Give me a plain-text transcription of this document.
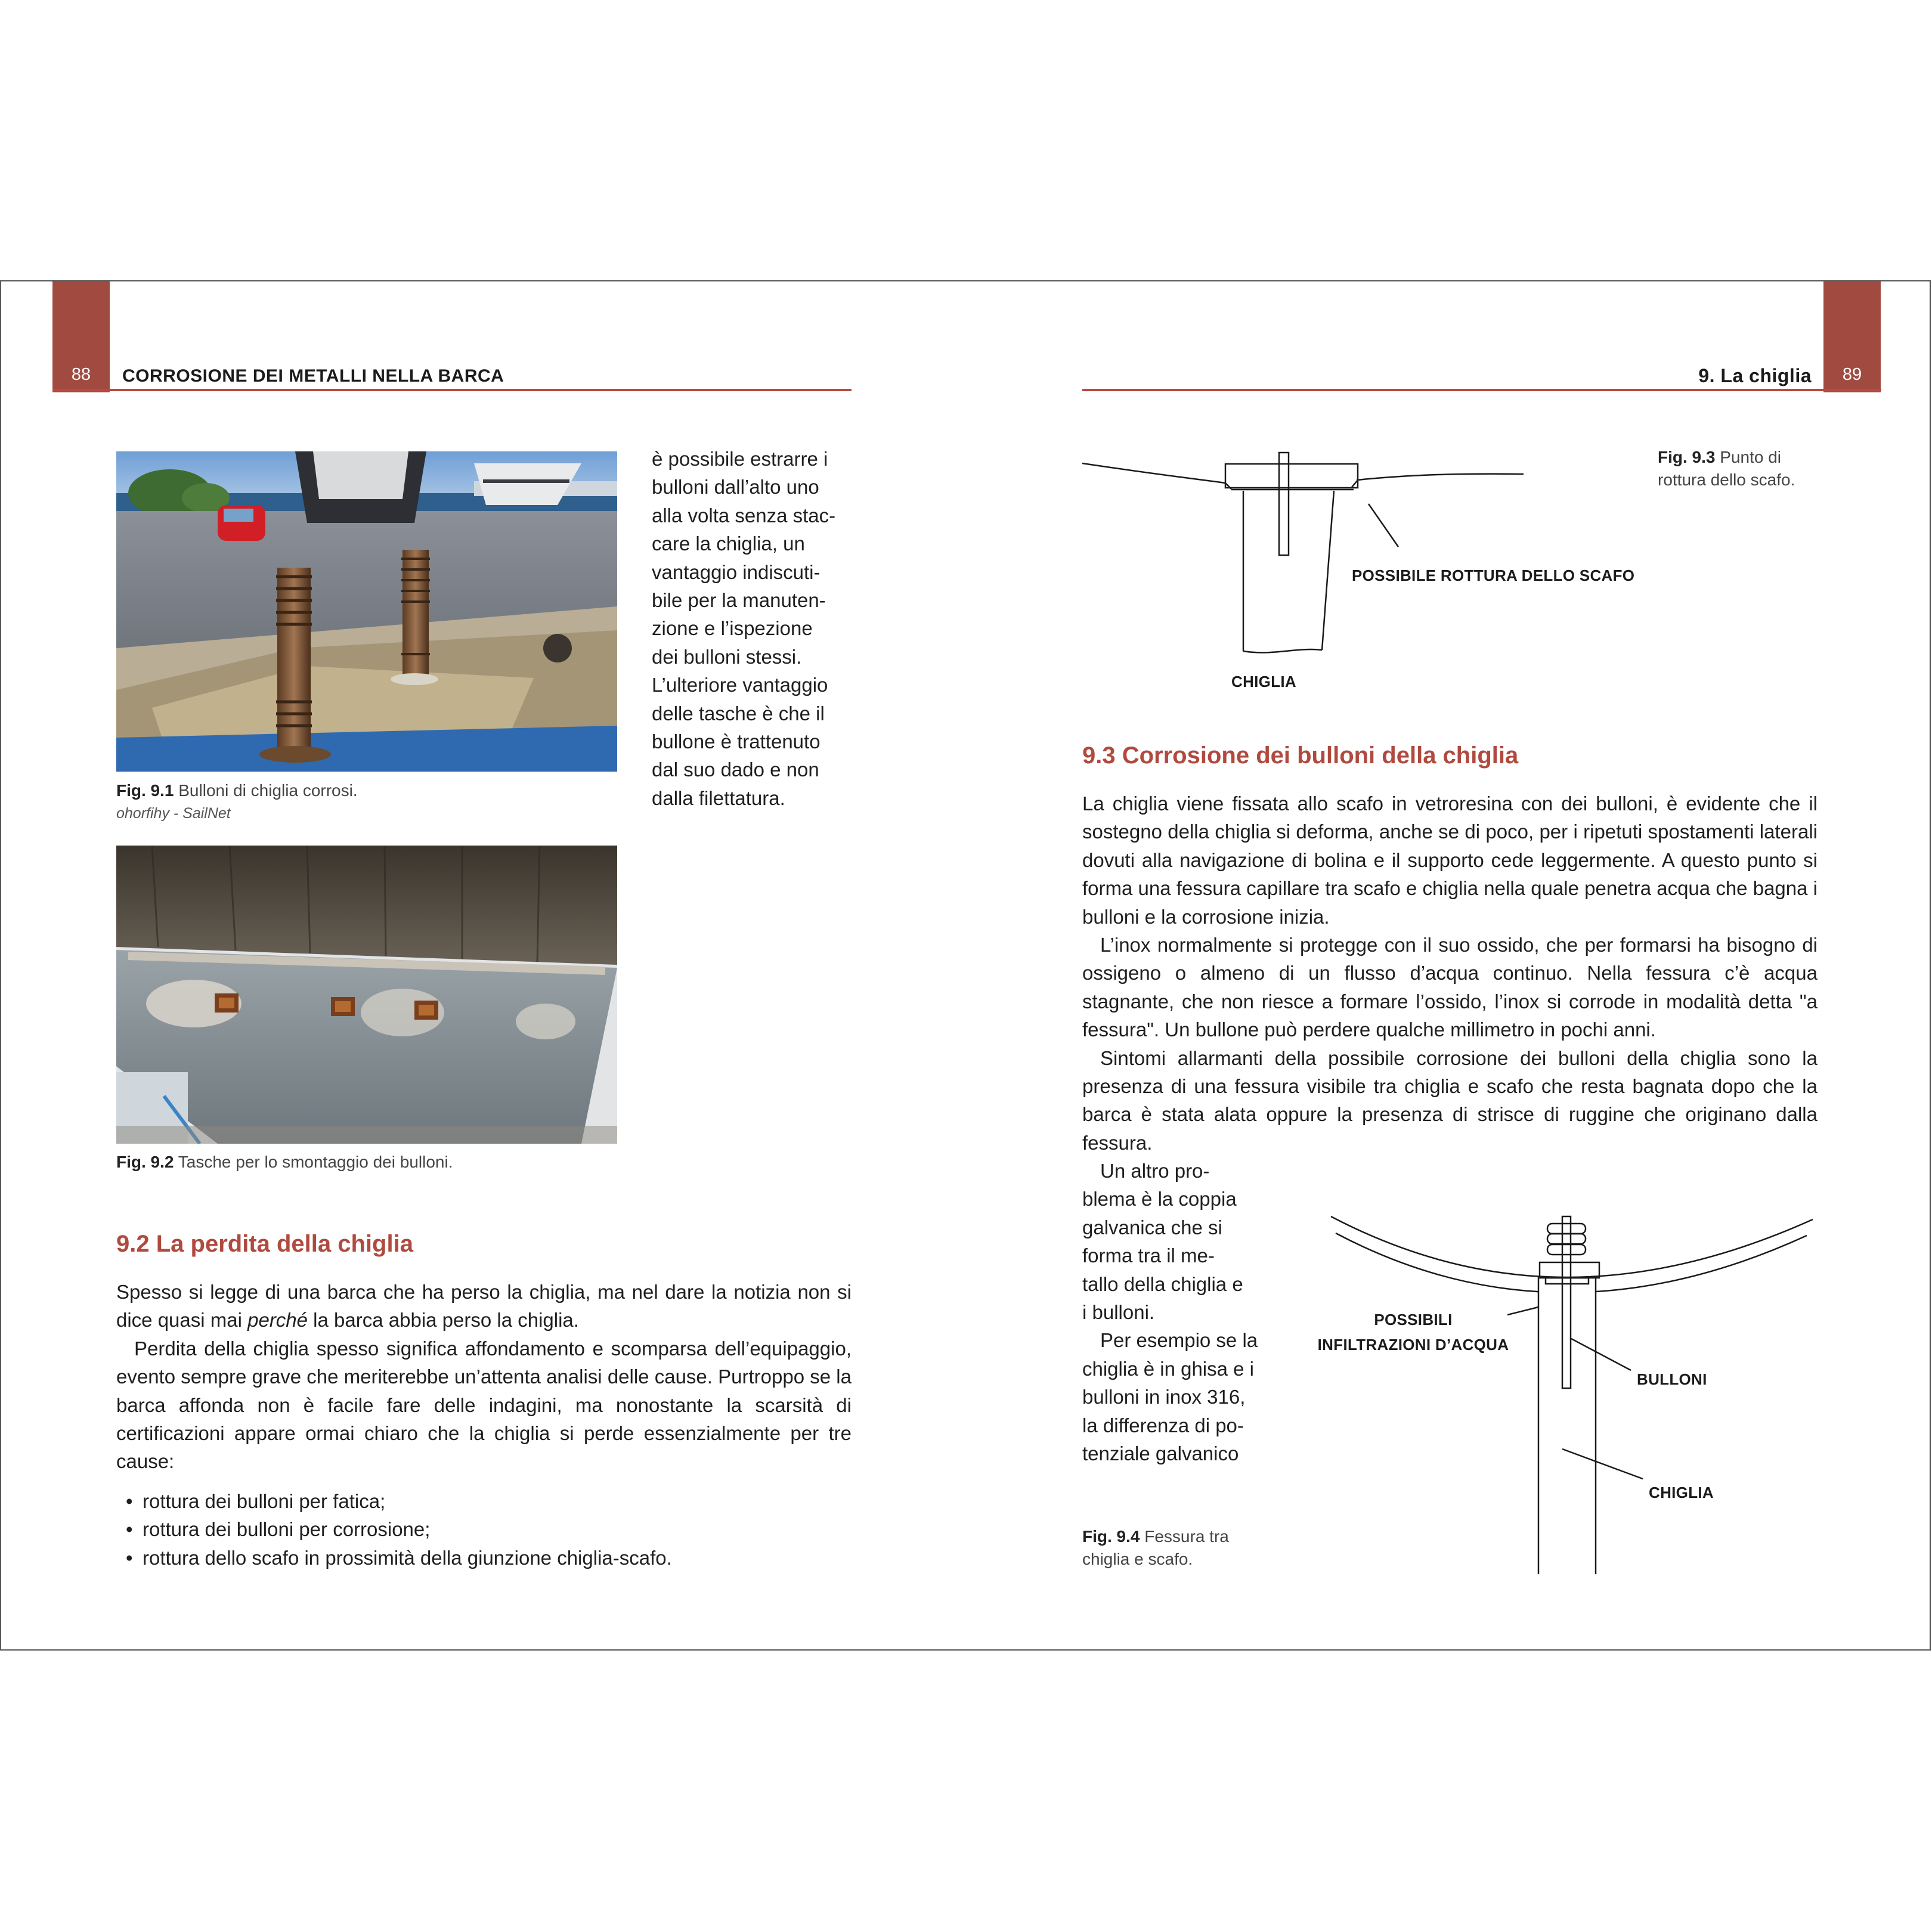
88	CORROSIONE DEI METALLI NELLA BARCA	89
9. La chiglia
Fig. 9.1 Bulloni di chiglia corrosi.
ohorfihy - SailNet
è possibile estrarre i
bulloni dall’alto uno
alla volta senza stac-
care la chiglia, un
vantaggio indiscuti-
bile per la manuten-
zione e l’ispezione
dei bulloni stessi.
L’ulteriore vantaggio
delle tasche è che il
bullone è trattenuto
dal suo dado e non
dalla filettatura.
Fig. 9.2 Tasche per lo smontaggio dei bulloni.
9.2 La perdita della chiglia

Spesso si legge di una barca che ha perso la chiglia, ma nel dare la notizia non si dice quasi mai perché la barca abbia perso la chiglia.

Perdita della chiglia spesso significa affondamento e scomparsa dell’equipaggio, evento sempre grave che meriterebbe un’attenta analisi delle cause. Purtroppo se la barca affonda non è facile fare delle indagini, ma nonostante la scarsità di certificazioni appare ormai chiaro che la chiglia si perde essenzialmente per tre cause:

• rottura dei bulloni per fatica;
• rottura dei bulloni per corrosione;
• rottura dello scafo in prossimità della giunzione chiglia-scafo.
POSSIBILE ROTTURA DELLO SCAFO
CHIGLIA
Fig. 9.3 Punto di
rottura dello scafo.
9.3 Corrosione dei bulloni della chiglia

La chiglia viene fissata allo scafo in vetroresina con dei bulloni, è evidente che il sostegno della chiglia si deforma, anche se di poco, per i ripetuti spostamenti laterali dovuti alla navigazione di bolina e il supporto cede leggermente. A questo punto si forma una fessura capillare tra scafo e chiglia nella quale penetra acqua che bagna i bulloni e la corrosione inizia.

L’inox normalmente si protegge con il suo ossido, che per formarsi ha bisogno di ossigeno o almeno di un flusso d’acqua continuo. Nella fessura c’è acqua stagnante, che non riesce a formare l’ossido, l’inox si corrode in modalità detta "a fessura". Un bullone può perdere qualche millimetro in pochi anni.

Sintomi allarmanti della possibile corrosione dei bulloni della chiglia sono la presenza di una fessura visibile tra chiglia e scafo che resta bagnata dopo che la barca è stata alata oppure la presenza di strisce di ruggine che originano dalla fessura.

Un altro pro-
blema è la coppia
galvanica che si
forma tra il me-
tallo della chiglia e
i bulloni.
Per esempio se la
chiglia è in ghisa e i
bulloni in inox 316,
la differenza di po-
tenziale galvanico
POSSIBILI
INFILTRAZIONI D’ACQUA
BULLONI
CHIGLIA
Fig. 9.4 Fessura tra
chiglia e scafo.
